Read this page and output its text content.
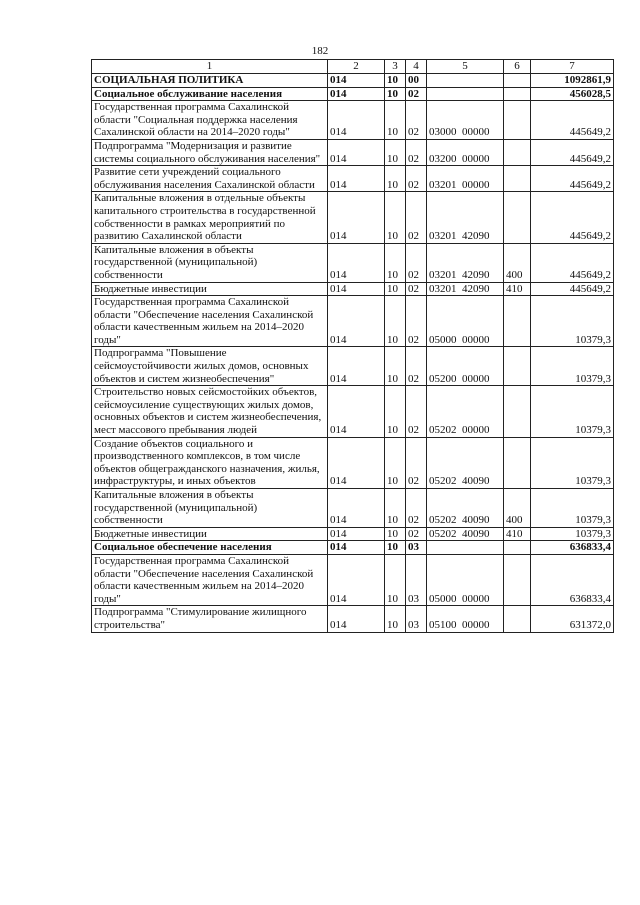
182
1	2	3	4	5	6	7
СОЦИАЛЬНАЯ ПОЛИТИКА	014	10	00			1092861,9
Социальное обслуживание населения	014	10	02			456028,5
Государственная программа Сахалинской области "Социальная поддержка населения Сахалинской области на 2014–2020 годы"	014	10	02	03000  00000		445649,2
Подпрограмма "Модернизация и развитие системы социального обслуживания населения"	014	10	02	03200  00000		445649,2
Развитие сети учреждений социального обслуживания населения Сахалинской области	014	10	02	03201  00000		445649,2
Капитальные вложения в отдельные объекты капитального строительства в государственной собственности в рамках мероприятий по развитию Сахалинской области	014	10	02	03201  42090		445649,2
Капитальные вложения в объекты государственной (муниципальной) собственности	014	10	02	03201  42090	400	445649,2
Бюджетные инвестиции	014	10	02	03201  42090	410	445649,2
Государственная программа Сахалинской области "Обеспечение населения Сахалинской области качественным жильем на 2014–2020 годы"	014	10	02	05000  00000		10379,3
Подпрограмма "Повышение сейсмоустойчивости жилых домов, основных объектов и систем жизнеобеспечения"	014	10	02	05200  00000		10379,3
Строительство новых сейсмостойких объектов, сейсмоусиление существующих жилых домов, основных объектов и систем жизнеобеспечения, мест массового пребывания людей	014	10	02	05202  00000		10379,3
Создание объектов социального и производственного комплексов, в том числе объектов общегражданского назначения, жилья, инфраструктуры, и иных объектов	014	10	02	05202  40090		10379,3
Капитальные вложения в объекты государственной (муниципальной) собственности	014	10	02	05202  40090	400	10379,3
Бюджетные инвестиции	014	10	02	05202  40090	410	10379,3
Социальное обеспечение населения	014	10	03			636833,4
Государственная программа Сахалинской области "Обеспечение населения Сахалинской области качественным жильем на 2014–2020 годы"	014	10	03	05000  00000		636833,4
Подпрограмма "Стимулирование жилищного строительства"	014	10	03	05100  00000		631372,0
